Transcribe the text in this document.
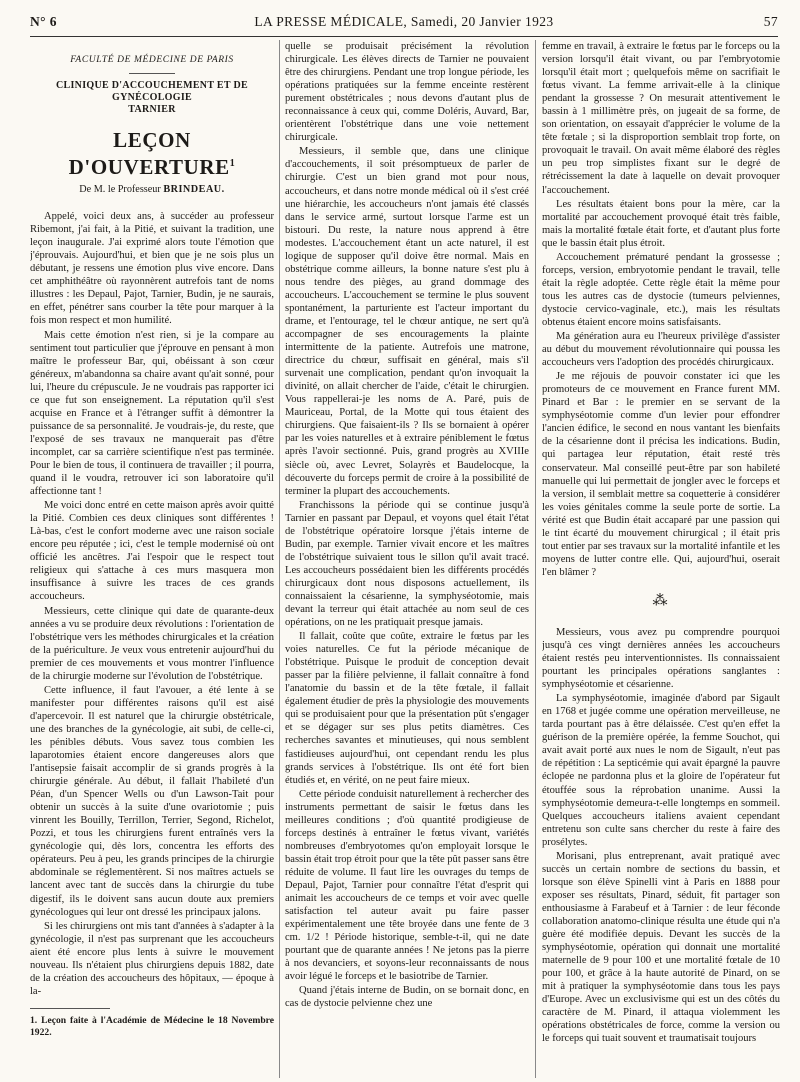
N° 6	LA PRESSE MÉDICALE, Samedi, 20 Janvier 1923	57
FACULTÉ DE MÉDECINE DE PARIS
CLINIQUE D'ACCOUCHEMENT ET DE GYNÉCOLOGIE
TARNIER
LEÇON D'OUVERTURE$^1$
De M. le Professeur BRINDEAU.

Appelé, voici deux ans, à succéder au professeur Ribemont, j'ai fait, à la Pitié, et suivant la tradition, une leçon inaugurale. J'ai exprimé alors toute l'émotion que j'éprouvais. Aujourd'hui, et bien que je ne sois plus un débutant, je ressens une émotion plus vive encore. Dans cet amphithéâtre où rayonnèrent autrefois tant de noms illustres : les Depaul, Pajot, Tarnier, Budin, je ne saurais, en effet, pénétrer sans courber la tête pour marquer à la fois mon respect et mon humilité.

Mais cette émotion n'est rien, si je la compare au sentiment tout particulier que j'éprouve en pensant à mon maître le professeur Bar, qui, obéissant à son cœur généreux, m'abandonna sa chaire avant qu'ait sonné, pour lui, l'heure du crépuscule. Je ne voudrais pas rapporter ici ce que fut son enseignement. La réputation qu'il s'est acquise en France et à l'étranger suffit à démontrer la puissance de sa personnalité. Je voudrais-je, du reste, que l'exposé de ses travaux ne manquerait pas d'être incomplet, car sa carrière scientifique n'est pas terminée. Pour le bien de tous, il continuera de travailler ; il pourra, quand il le voudra, retrouver ici son laboratoire qu'il affectionne tant !

Me voici donc entré en cette maison après avoir quitté la Pitié. Combien ces deux cliniques sont différentes ! Là-bas, c'est le confort moderne avec une raison sociale encore peu réputée ; ici, c'est le temple modernisé où ont officié les ancêtres. J'ai l'espoir que le respect tout religieux qui s'attache à ces murs masquera mon insuffisance à suivre les traces de ces grands accoucheurs.

Messieurs, cette clinique qui date de quarante-deux années a vu se produire deux révolutions : l'orientation de l'obstétrique vers les méthodes chirurgicales et la création de la puériculture. Je veux vous entretenir aujourd'hui du premier de ces mouvements et vous montrer l'influence de la chirurgie moderne sur l'évolution de l'obstétrique.

Cette influence, il faut l'avouer, a été lente à se manifester pour différentes raisons qu'il est aisé d'apercevoir. Il est naturel que la chirurgie obstétricale, une des branches de la gynécologie, ait subi, de celle-ci, les pénibles débuts. Vous savez tous combien les laparotomies étaient encore dangereuses alors que l'antisepsie faisait accomplir de si grands progrès à la chirurgie générale. Au début, il fallait l'habileté d'un Péan, d'un Spencer Wells ou d'un Lawson-Tait pour obtenir un succès à la suite d'une ovariotomie ; puis vinrent les Bouilly, Terrillon, Terrier, Segond, Richelot, Pozzi, et tous les chirurgiens furent entraînés vers la gynécologie qui, dès lors, concentra les efforts des opérateurs. Peu à peu, les grands principes de la chirurgie abdominale se réglementèrent. Si nos maîtres actuels se lancent avec tant de succès dans la chirurgie du tube digestif, ils le doivent sans aucun doute aux premiers gynécologues qui leur ont dressé les principaux jalons.

Si les chirurgiens ont mis tant d'années à s'adapter à la gynécologie, il n'est pas surprenant que les accoucheurs aient été encore plus lents à suivre le mouvement nouveau. Ils n'étaient plus chirurgiens depuis 1882, date de la création des accoucheurs des hôpitaux, — époque à la-

1. Leçon faite à l'Académie de Médecine le 18 Novembre 1922.

quelle se produisait précisément la révolution chirurgicale. Les élèves directs de Tarnier ne pouvaient être des chirurgiens. Pendant une trop longue période, les opérations pratiquées sur la femme enceinte restèrent purement obstétricales ; nous devons d'autant plus de reconnaissance à ceux qui, comme Doléris, Auvard, Bar, orientèrent l'obstétrique dans une voie nettement chirurgicale.

Messieurs, il semble que, dans une clinique d'accouchements, il soit présomptueux de parler de chirurgie. C'est un bien grand mot pour nous, accoucheurs, et dans notre monde médical où il s'est créé une hiérarchie, les accoucheurs n'ont jamais été classés dans le service armé, surtout lorsque l'arme est un bistouri. Du reste, la nature nous apprend à être modestes. L'accouchement étant un acte naturel, il est logique de supposer qu'il doive être normal. Mais en obstétrique comme ailleurs, la bonne nature s'est plu à nous tendre des pièges, au grand dommage des accoucheurs. L'accouchement se termine le plus souvent spontanément, la parturiente est l'acteur important du drame, et l'entourage, tel le chœur antique, ne sert qu'à accompagner de ses encouragements la plainte intermittente de la patiente. Autrefois une matrone, directrice du chœur, suffisait en général, mais s'il survenait une complication, pendant qu'on invoquait la divinité, on allait chercher de l'aide, c'était le chirurgien. Vous rappellerai-je les noms de A. Paré, puis de Mauriceau, Portal, de la Motte qui tous étaient des chirurgiens. Que faisaient-ils ? Ils se bornaient à opérer par les voies naturelles et à extraire péniblement le fœtus après l'avoir sectionné. Puis, grand progrès au XVIIIe siècle où, avec Levret, Solayrès et Baudelocque, la découverte du forceps permit de croire à la possibilité de terminer la plupart des accouchements.

Franchissons la période qui se continue jusqu'à Tarnier en passant par Depaul, et voyons quel était l'état de l'obstétrique opératoire lorsque j'étais interne de Budin, par exemple. Tarnier vivait encore et les maîtres de l'obstétrique suivaient tous le sillon qu'il avait tracé. Les accoucheurs possédaient bien les différents procédés chirurgicaux dont nous disposons actuellement, ils connaissaient la césarienne, la symphyséotomie, mais devant la terreur qui était attachée au nom seul de ces opérations, on ne les pratiquait presque jamais.

Il fallait, coûte que coûte, extraire le fœtus par les voies naturelles. Ce fut la période mécanique de l'obstétrique. Puisque le produit de conception devait passer par la filière pelvienne, il fallait connaître à fond l'anatomie du bassin et de la tête fœtale, il fallait également étudier de près la physiologie des mouvements qui se produisaient pour que la présentation pût s'engager et se dégager sur ses plus petits diamètres. Ces recherches savantes et minutieuses, qui nous semblent fastidieuses aujourd'hui, ont cependant rendu les plus grands services à l'obstétrique. Ils ont été fort bien étudiés et, en vérité, on ne peut faire mieux.

Cette période conduisit naturellement à rechercher des instruments permettant de saisir le fœtus dans les meilleures conditions ; d'où quantité prodigieuse de forceps destinés à entraîner le fœtus vivant, variétés nombreuses d'embryotomes qu'on employait lorsque le bassin était trop étroit pour que la tête pût passer sans être réduite de volume. Il faut lire les ouvrages du temps de Depaul, Pajot, Tarnier pour connaître l'état d'esprit qui animait les accoucheurs de ce temps et voir avec quelle satisfaction tel auteur avait pu faire passer expérimentalement une tête broyée dans une fente de 3 cm. 1/2 ! Période historique, semble-t-il, qui ne date pourtant que de quarante années ! Ne jetons pas la pierre à nos devanciers, et soyons-leur reconnaissants de nous avoir légué le forceps et le basiotribe de Tarnier.

Quand j'étais interne de Budin, on se bornait donc, en cas de dystocie pelvienne chez une

femme en travail, à extraire le fœtus par le forceps ou la version lorsqu'il était vivant, ou par l'embryotomie lorsqu'il était mort ; quelquefois même on sacrifiait le fœtus vivant. La femme arrivait-elle à la clinique pendant la grossesse ? On mesurait attentivement le bassin à 1 millimètre près, on jugeait de sa forme, de son orientation, on essayait d'apprécier le volume de la tête fœtale ; si la disproportion semblait trop forte, on provoquait le travail. On avait même élaboré des règles un peu trop simplistes fixant sur le degré de rétrécissement la date à laquelle on devait provoquer l'accouchement.

Les résultats étaient bons pour la mère, car la mortalité par accouchement provoqué était très faible, mais la mortalité fœtale était forte, et d'autant plus forte que le bassin était plus étroit.

Accouchement prématuré pendant la grossesse ; forceps, version, embryotomie pendant le travail, telle était la règle adoptée. Cette règle était la même pour tous les autres cas de dystocie (tumeurs pelviennes, dystocie cervico-vaginale, etc.), mais les résultats obtenus étaient encore moins satisfaisants.

Ma génération aura eu l'heureux privilège d'assister au début du mouvement révolutionnaire qui poussa les accoucheurs vers l'adoption des procédés chirurgicaux.

Je me réjouis de pouvoir constater ici que les promoteurs de ce mouvement en France furent MM. Pinard et Bar : le premier en se servant de la symphyséotomie comme d'un levier pour effondrer l'ancien édifice, le second en nous vantant les bienfaits de la césarienne dont il précisa les indications. Budin, qui partagea leur réputation, était resté très conservateur. Mal conseillé peut-être par son habileté manuelle qui lui permettait de jongler avec le forceps et la version, il semblait mettre sa coquetterie à considérer les voies génitales comme la seule porte de sortie. La vérité est que Budin était accaparé par une passion qui le tint écarté du mouvement chirurgical ; il était pris tout entier par ses travaux sur la mortalité infantile et les moyens de lutter contre elle. Qui, aujourd'hui, oserait l'en blâmer ?

⁂

Messieurs, vous avez pu comprendre pourquoi jusqu'à ces vingt dernières années les accoucheurs étaient restés peu interventionnistes. Ils connaissaient pourtant les principales opérations sanglantes : symphyséotomie et césarienne.

La symphyséotomie, imaginée d'abord par Sigault en 1768 et jugée comme une opération merveilleuse, ne tarda pourtant pas à être délaissée. C'est qu'en effet la guérison de la première opérée, la femme Souchot, qui avait avait porté aux nues le nom de Sigault, n'eut pas de répétition : La septicémie qui avait épargné la pauvre éclopée ne pardonna plus et la gloire de l'opérateur fut étouffée sous la réprobation unanime. Aussi la symphyséotomie demeura-t-elle longtemps en sommeil. Quelques accoucheurs italiens avaient cependant entretenu son culte sans chercher du reste à faire des prosélytes.

Morisani, plus entreprenant, avait pratiqué avec succès un certain nombre de sections du bassin, et lorsque son élève Spinelli vint à Paris en 1888 pour exposer ses résultats, Pinard, séduit, fit partager son enthousiasme à Farabeuf et à Tarnier : de leur féconde collaboration anatomo-clinique résulta une étude qui n'a guère été modifiée depuis. Devant les succès de la symphyséotomie, opération qui donnait une mortalité maternelle de 9 pour 100 et une mortalité fœtale de 10 pour 100, et grâce à la haute autorité de Pinard, on se mit à pratiquer la symphyséotomie dans tous les pays d'Europe. Avec un exclusivisme qui est un des côtés du caractère de M. Pinard, il attaqua violemment les opérations obstétricales de force, comme la version ou le forceps qui tuait souvent et traumatisait toujours
